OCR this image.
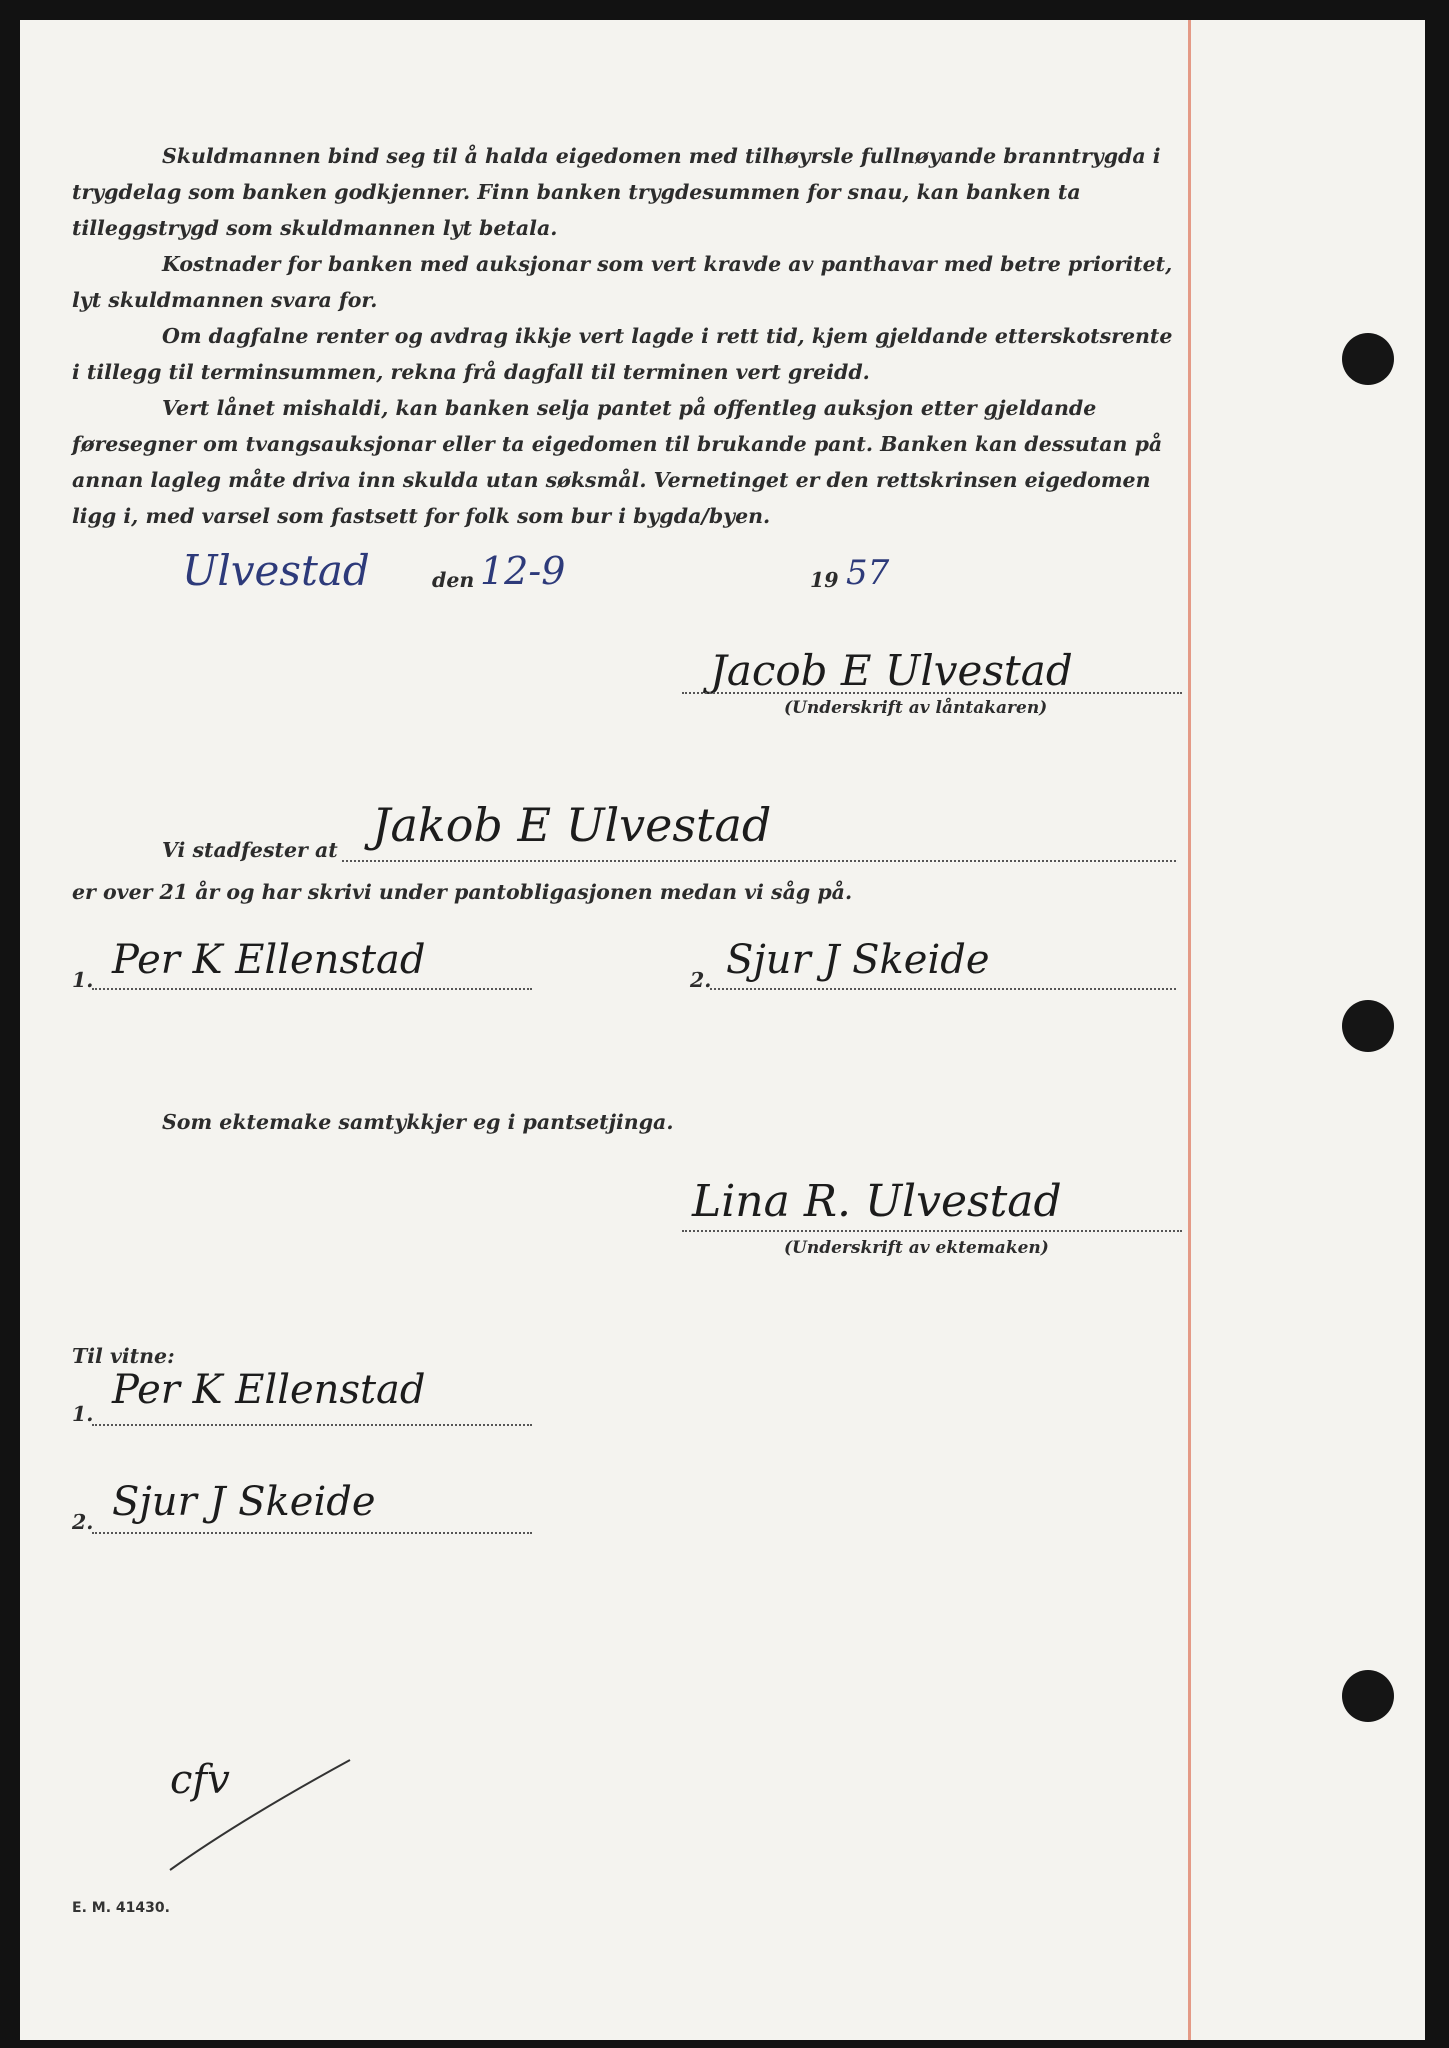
Skuldmannen bind seg til å halda eigedomen med tilhøyrsle fullnøyande branntrygda i trygdelag som banken godkjenner. Finn banken trygdesummen for snau, kan banken ta tilleggstrygd som skuldmannen lyt betala.

Kostnader for banken med auksjonar som vert kravde av panthavar med betre prioritet, lyt skuldmannen svara for.

Om dagfalne renter og avdrag ikkje vert lagde i rett tid, kjem gjeldande etterskotsrente i tillegg til terminsummen, rekna frå dagfall til terminen vert greidd.

Vert lånet mishaldi, kan banken selja pantet på offentleg auksjon etter gjeldande føresegner om tvangsauksjonar eller ta eigedomen til brukande pant. Banken kan dessutan på annan lagleg måte driva inn skulda utan søksmål. Vernetinget er den rettskrinsen eigedomen ligg i, med varsel som fastsett for folk som bur i bygda/byen.

Ulvestad	den 12-9	19 57
Jacob E Ulvestad
(Underskrift av låntakaren)
Vi stadfester at Jakob E Ulvestad
er over 21 år og har skrivi under pantobligasjonen medan vi såg på.
1. Per K Ellenstad	2. Sjur J Skeide
Som ektemake samtykkjer eg i pantsetjinga.
Lina R. Ulvestad
(Underskrift av ektemaken)
Til vitne:
1.
Per K Ellenstad
2. Sjur J Skeide
cfv
E. M. 41430.
